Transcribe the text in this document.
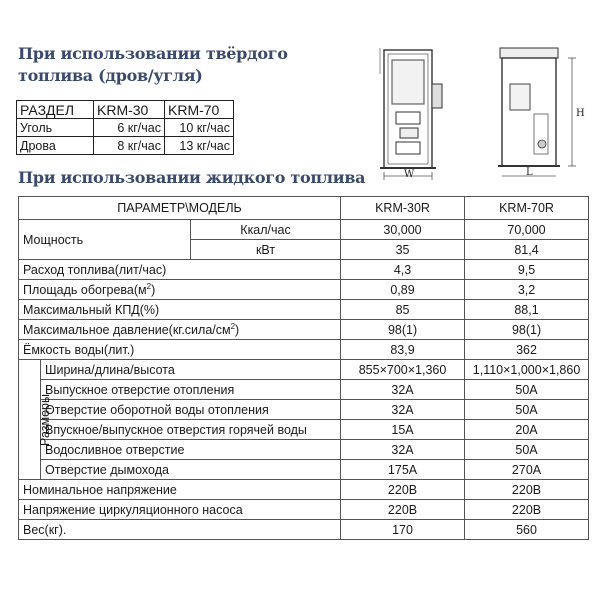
При использовании твёрдого топлива (дров/угля)
РАЗДЕЛ	KRM-30	KRM-70
Уголь	6 кг/час	10 кг/час
Дрова	8 кг/час	13 кг/час
W
H
L
При использовании жидкого топлива
ПАРАМЕТР\МОДЕЛЬ			KRM-30R	KRM-70R
Мощность		Ккал/час	30,000	70,000
		кВт	35	81,4
Расход топлива(лит/час)			4,3	9,5
Площадь $обогрева(м^2)$			0,89	3,2
Максимальный КПД(%)			85	88,1
Максимальное $давление(кг.сила/см^2)$			98(1)	98(1)
Ёмкость воды(лит.)			83,9	362
Размеры	Ширина/длина/высота		855×700×1,360	1,110×1,000×1,860
	Выпускное отверстие отопления		32A	50A
	Отверстие оборотной воды отопления		32A	50A
	Впускное/выпускное отверстия горячей воды		15A	20A
	Водосливное отверстие		32A	50A
	Отверстие дымохода		175A	270A
Номинальное напряжение			220B	220B
Напряжение циркуляционного насоса			220B	220B
Вес(кг).			170	560
